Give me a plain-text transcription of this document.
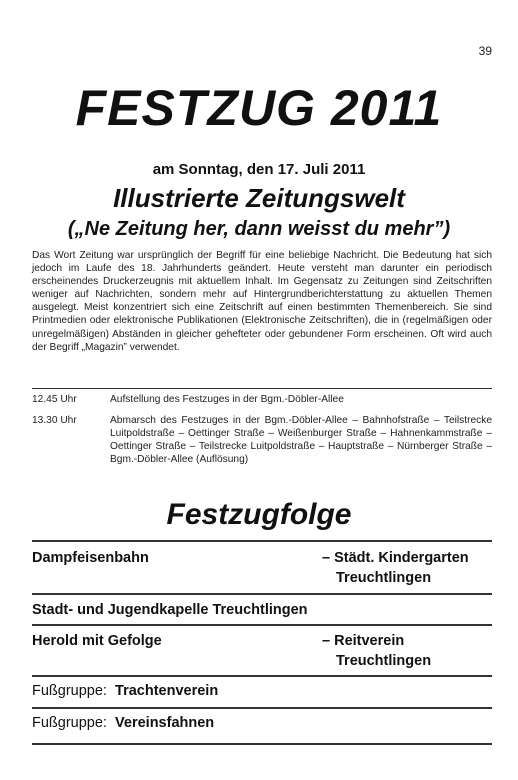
39
FESTZUG 2011
am Sonntag, den 17. Juli 2011
Illustrierte Zeitungswelt
(„Ne Zeitung her, dann weisst du mehr”)

Das Wort Zeitung war ursprünglich der Begriff für eine beliebige Nachricht. Die Bedeutung hat sich jedoch im Laufe des 18. Jahrhunderts geändert. Heute versteht man darunter ein periodisch erscheinendes Druckerzeugnis mit aktuellem Inhalt. Im Gegensatz zu Zeitungen sind Zeitschriften weniger auf Nachrichten, sondern mehr auf Hintergrundberichterstattung zu aktuellen Themen ausgelegt. Meist konzentriert sich eine Zeitschrift auf einen bestimmten Themenbereich. Sie sind Printmedien oder elektronische Publikationen (Elektronische Zeitschriften), die in (regelmäßigen oder unregelmäßigen) Abständen in gleicher gehefteter oder gebundener Form erscheinen. Oft wird auch der Begriff „Magazin” verwendet.

12.45 Uhr	Aufstellung des Festzuges in der Bgm.-Döbler-Allee
13.30 Uhr	Abmarsch des Festzuges in der Bgm.-Döbler-Allee – Bahnhofstraße – Teilstrecke Luitpoldstraße – Oettinger Straße – Weißenburger Straße – Hahnenkammstraße – Oettinger Straße – Teilstrecke Luitpoldstraße – Hauptstraße – Nürnberger Straße – Bgm.-Döbler-Allee (Auflösung)
Festzugfolge
Dampfeisenbahn	– Städt. Kindergarten
Treuchtlingen
Stadt- und Jugendkapelle Treuchtlingen
Herold mit Gefolge	– Reitverein
Treuchtlingen
Fußgruppe: Trachtenverein
Fußgruppe: Vereinsfahnen
